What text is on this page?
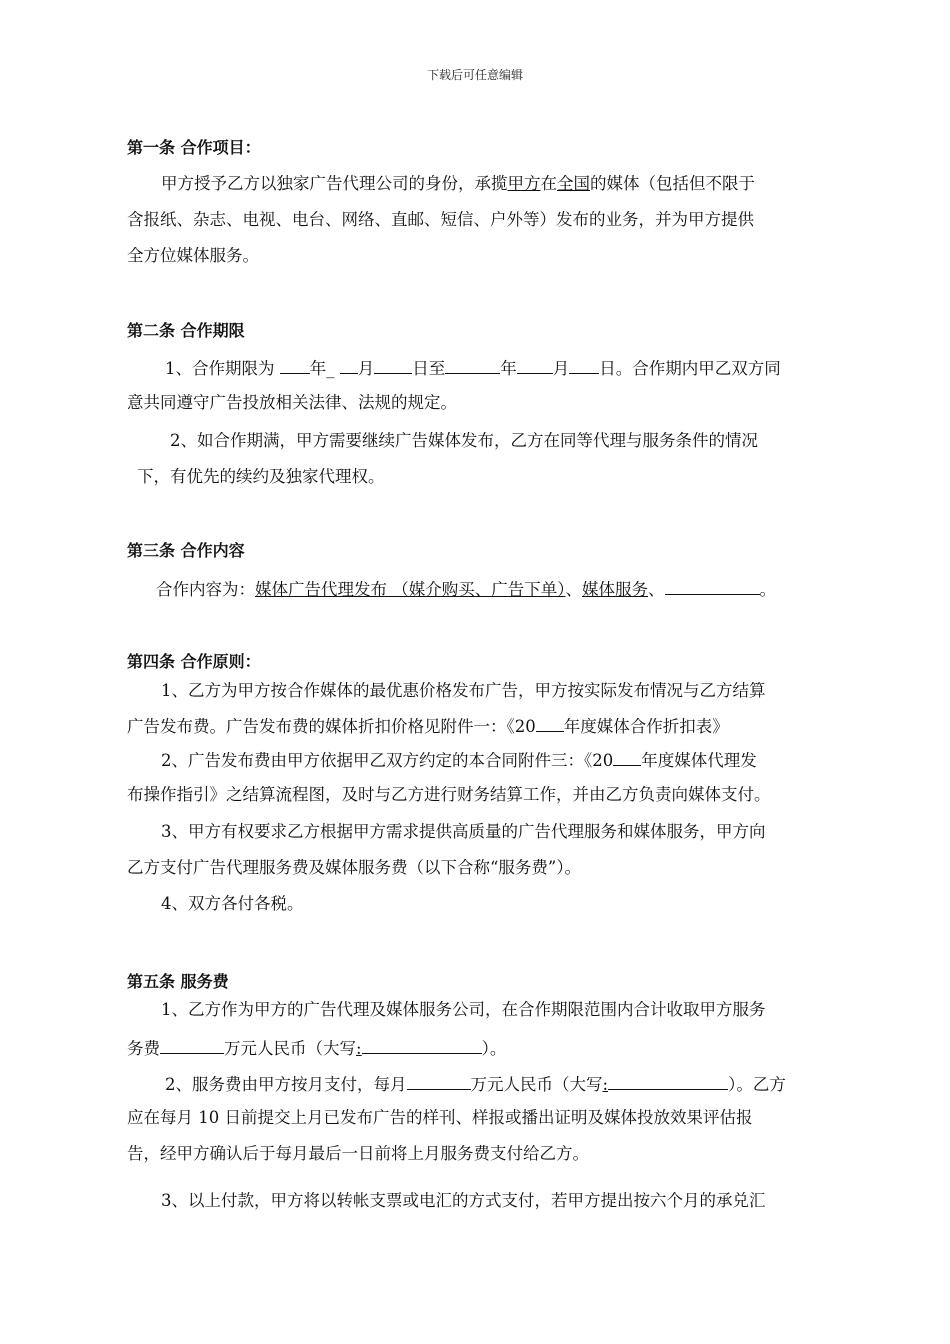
下载后可任意编辑
第一条 合作项目：
甲方授予乙方以独家广告代理公司的身份，承揽甲方在全国的媒体（包括但不限于
含报纸、杂志、电视、电台、网络、直邮、短信、户外等）发布的业务，并为甲方提供
全方位媒体服务。
第二条 合作期限
1、合作期限为 年_ 月 日至	年 月 日。合作期内甲乙双方同
意共同遵守广告投放相关法律、法规的规定。
2、如合作期满，甲方需要继续广告媒体发布，乙方在同等代理与服务条件的情况
下，有优先的续约及独家代理权。
第三条 合作内容
合作内容为：媒体广告代理发布 （媒介购买、广告下单）、媒体服务、	。
第四条 合作原则：
1、乙方为甲方按合作媒体的最优惠价格发布广告，甲方按实际发布情况与乙方结算
广告发布费。广告发布费的媒体折扣价格见附件一：《20 年度媒体合作折扣表》
2、广告发布费由甲方依据甲乙双方约定的本合同附件三：《20 年度媒体代理发
布操作指引》之结算流程图，及时与乙方进行财务结算工作，并由乙方负责向媒体支付。
3、甲方有权要求乙方根据甲方需求提供高质量的广告代理服务和媒体服务，甲方向
乙方支付广告代理服务费及媒体服务费（以下合称“服务费”）。
4、双方各付各税。
第五条 服务费
1、乙方作为甲方的广告代理及媒体服务公司，在合作期限范围内合计收取甲方服务
务费	万元人民币（大写:	）。
2、服务费由甲方按月支付，每月	万元人民币（大写:	）。乙方
应在每月 10 日前提交上月已发布广告的样刊、样报或播出证明及媒体投放效果评估报
告，经甲方确认后于每月最后一日前将上月服务费支付给乙方。
3、以上付款，甲方将以转帐支票或电汇的方式支付，若甲方提出按六个月的承兑汇
